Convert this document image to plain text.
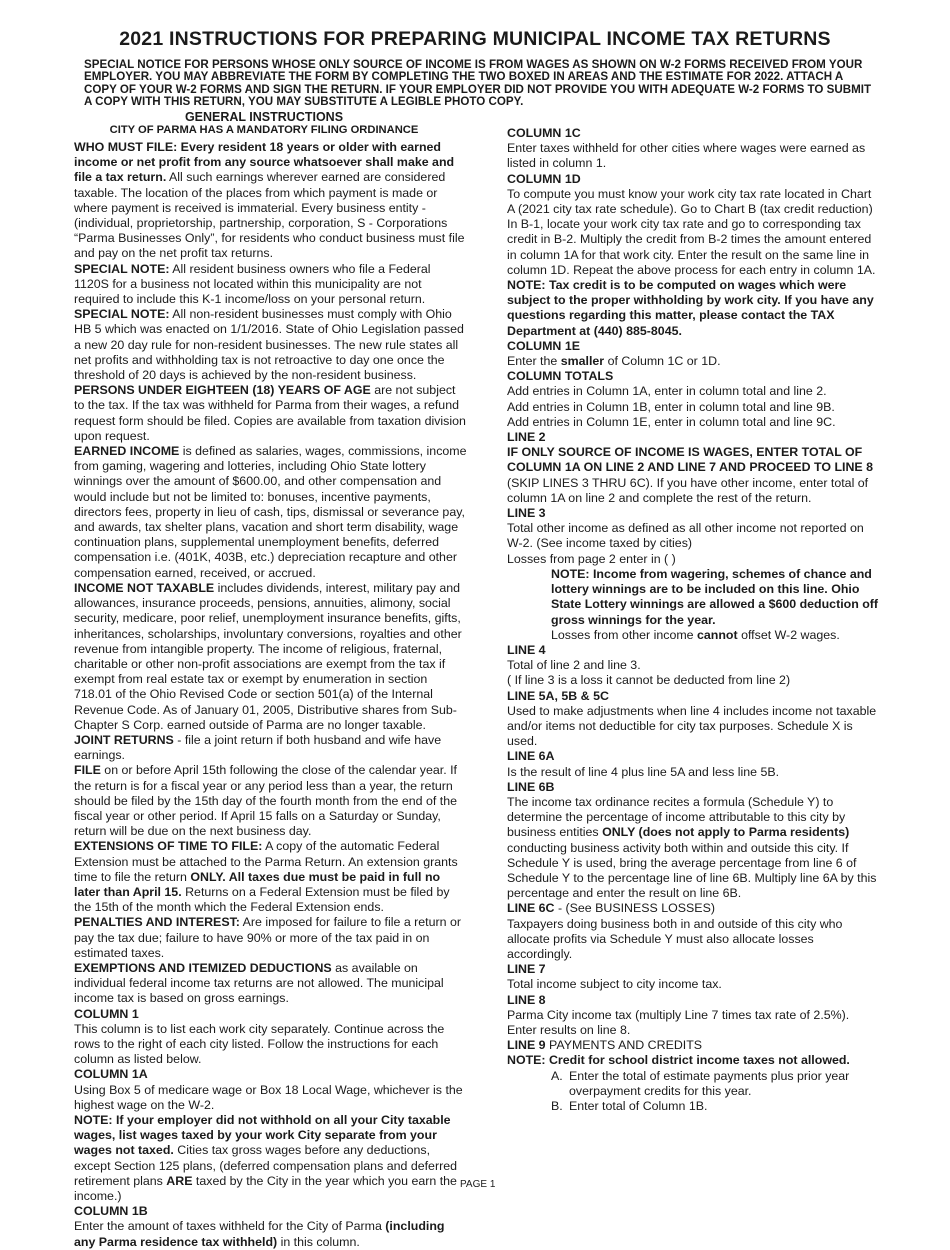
2021 INSTRUCTIONS FOR PREPARING MUNICIPAL INCOME TAX RETURNS
SPECIAL NOTICE FOR PERSONS WHOSE ONLY SOURCE OF INCOME IS FROM WAGES AS SHOWN ON W-2 FORMS RECEIVED FROM YOUR EMPLOYER. YOU MAY ABBREVIATE THE FORM BY COMPLETING THE TWO BOXED IN AREAS AND THE ESTIMATE FOR 2022. ATTACH A COPY OF YOUR W-2 FORMS AND SIGN THE RETURN. IF YOUR EMPLOYER DID NOT PROVIDE YOU WITH ADEQUATE W-2 FORMS TO SUBMIT A COPY WITH THIS RETURN, YOU MAY SUBSTITUTE A LEGIBLE PHOTO COPY.
GENERAL INSTRUCTIONS
CITY OF PARMA HAS A MANDATORY FILING ORDINANCE

WHO MUST FILE: Every resident 18 years or older with earned income or net profit from any source whatsoever shall make and file a tax return. All such earnings wherever earned are considered taxable. The location of the places from which payment is made or where payment is received is immaterial. Every business entity - (individual, proprietorship, partnership, corporation, S - Corporations “Parma Businesses Only”, for residents who conduct business must file and pay on the net profit tax returns.

SPECIAL NOTE: All resident business owners who file a Federal 1120S for a business not located within this municipality are not required to include this K-1 income/loss on your personal return.

SPECIAL NOTE: All non-resident businesses must comply with Ohio HB 5 which was enacted on 1/1/2016. State of Ohio Legislation passed a new 20 day rule for non-resident businesses. The new rule states all net profits and withholding tax is not retroactive to day one once the threshold of 20 days is achieved by the non-resident business.

PERSONS UNDER EIGHTEEN (18) YEARS OF AGE are not subject to the tax. If the tax was withheld for Parma from their wages, a refund request form should be filed. Copies are available from taxation division upon request.

EARNED INCOME is defined as salaries, wages, commissions, income from gaming, wagering and lotteries, including Ohio State lottery winnings over the amount of $600.00, and other compensation and would include but not be limited to: bonuses, incentive payments, directors fees, property in lieu of cash, tips, dismissal or severance pay, and awards, tax shelter plans, vacation and short term disability, wage continuation plans, supplemental unemployment benefits, deferred compensation i.e. (401K, 403B, etc.) depreciation recapture and other compensation earned, received, or accrued.

INCOME NOT TAXABLE includes dividends, interest, military pay and allowances, insurance proceeds, pensions, annuities, alimony, social security, medicare, poor relief, unemployment insurance benefits, gifts, inheritances, scholarships, involuntary conversions, royalties and other revenue from intangible property. The income of religious, fraternal, charitable or other non-profit associations are exempt from the tax if exempt from real estate tax or exempt by enumeration in section 718.01 of the Ohio Revised Code or section 501(a) of the Internal Revenue Code. As of January 01, 2005, Distributive shares from Sub-Chapter S Corp. earned outside of Parma are no longer taxable.

JOINT RETURNS - file a joint return if both husband and wife have earnings.

FILE on or before April 15th following the close of the calendar year. If the return is for a fiscal year or any period less than a year, the return should be filed by the 15th day of the fourth month from the end of the fiscal year or other period. If April 15 falls on a Saturday or Sunday, return will be due on the next business day.

EXTENSIONS OF TIME TO FILE: A copy of the automatic Federal Extension must be attached to the Parma Return. An extension grants time to file the return ONLY. All taxes due must be paid in full no later than April 15. Returns on a Federal Extension must be filed by the 15th of the month which the Federal Extension ends.

PENALTIES AND INTEREST: Are imposed for failure to file a return or pay the tax due; failure to have 90% or more of the tax paid in on estimated taxes.

EXEMPTIONS AND ITEMIZED DEDUCTIONS as available on individual federal income tax returns are not allowed. The municipal income tax is based on gross earnings.

COLUMN 1

This column is to list each work city separately. Continue across the rows to the right of each city listed. Follow the instructions for each column as listed below.

COLUMN 1A

Using Box 5 of medicare wage or Box 18 Local Wage, whichever is the highest wage on the W-2.

NOTE: If your employer did not withhold on all your City taxable wages, list wages taxed by your work City separate from your wages not taxed. Cities tax gross wages before any deductions, except Section 125 plans, (deferred compensation plans and deferred retirement plans ARE taxed by the City in the year which you earn the income.)

COLUMN 1B

Enter the amount of taxes withheld for the City of Parma (including any Parma residence tax withheld) in this column.

COLUMN 1C

Enter taxes withheld for other cities where wages were earned as listed in column 1.

COLUMN 1D

To compute you must know your work city tax rate located in Chart A (2021 city tax rate schedule). Go to Chart B (tax credit reduction) In B-1, locate your work city tax rate and go to corresponding tax credit in B-2. Multiply the credit from B-2 times the amount entered in column 1A for that work city. Enter the result on the same line in column 1D. Repeat the above process for each entry in column 1A.

NOTE: Tax credit is to be computed on wages which were subject to the proper withholding by work city. If you have any questions regarding this matter, please contact the TAX Department at (440) 885-8045.

COLUMN 1E

Enter the smaller of Column 1C or 1D.

COLUMN TOTALS

Add entries in Column 1A, enter in column total and line 2.

Add entries in Column 1B, enter in column total and line 9B.

Add entries in Column 1E, enter in column total and line 9C.

LINE 2

IF ONLY SOURCE OF INCOME IS WAGES, ENTER TOTAL OF COLUMN 1A ON LINE 2 AND LINE 7 AND PROCEED TO LINE 8 (SKIP LINES 3 THRU 6C). If you have other income, enter total of column 1A on line 2 and complete the rest of the return.

LINE 3

Total other income as defined as all other income not reported on W-2. (See income taxed by cities)

Losses from page 2 enter in ( )

NOTE: Income from wagering, schemes of chance and lottery winnings are to be included on this line. Ohio State Lottery winnings are allowed a $600 deduction off gross winnings for the year.

Losses from other income cannot offset W-2 wages.

LINE 4

Total of line 2 and line 3.

( If line 3 is a loss it cannot be deducted from line 2)

LINE 5A, 5B & 5C

Used to make adjustments when line 4 includes income not taxable and/or items not deductible for city tax purposes. Schedule X is used.

LINE 6A

Is the result of line 4 plus line 5A and less line 5B.

LINE 6B

The income tax ordinance recites a formula (Schedule Y) to determine the percentage of income attributable to this city by business entities ONLY (does not apply to Parma residents) conducting business activity both within and outside this city. If Schedule Y is used, bring the average percentage from line 6 of Schedule Y to the percentage line of line 6B. Multiply line 6A by this percentage and enter the result on line 6B.

LINE 6C - (See BUSINESS LOSSES)

Taxpayers doing business both in and outside of this city who allocate profits via Schedule Y must also allocate losses accordingly.

LINE 7

Total income subject to city income tax.

LINE 8

Parma City income tax (multiply Line 7 times tax rate of 2.5%). Enter results on line 8.

LINE 9 PAYMENTS AND CREDITS

NOTE: Credit for school district income taxes not allowed.

A. Enter the total of estimate payments plus prior year overpayment credits for this year.

B. Enter total of Column 1B.

PAGE 1
